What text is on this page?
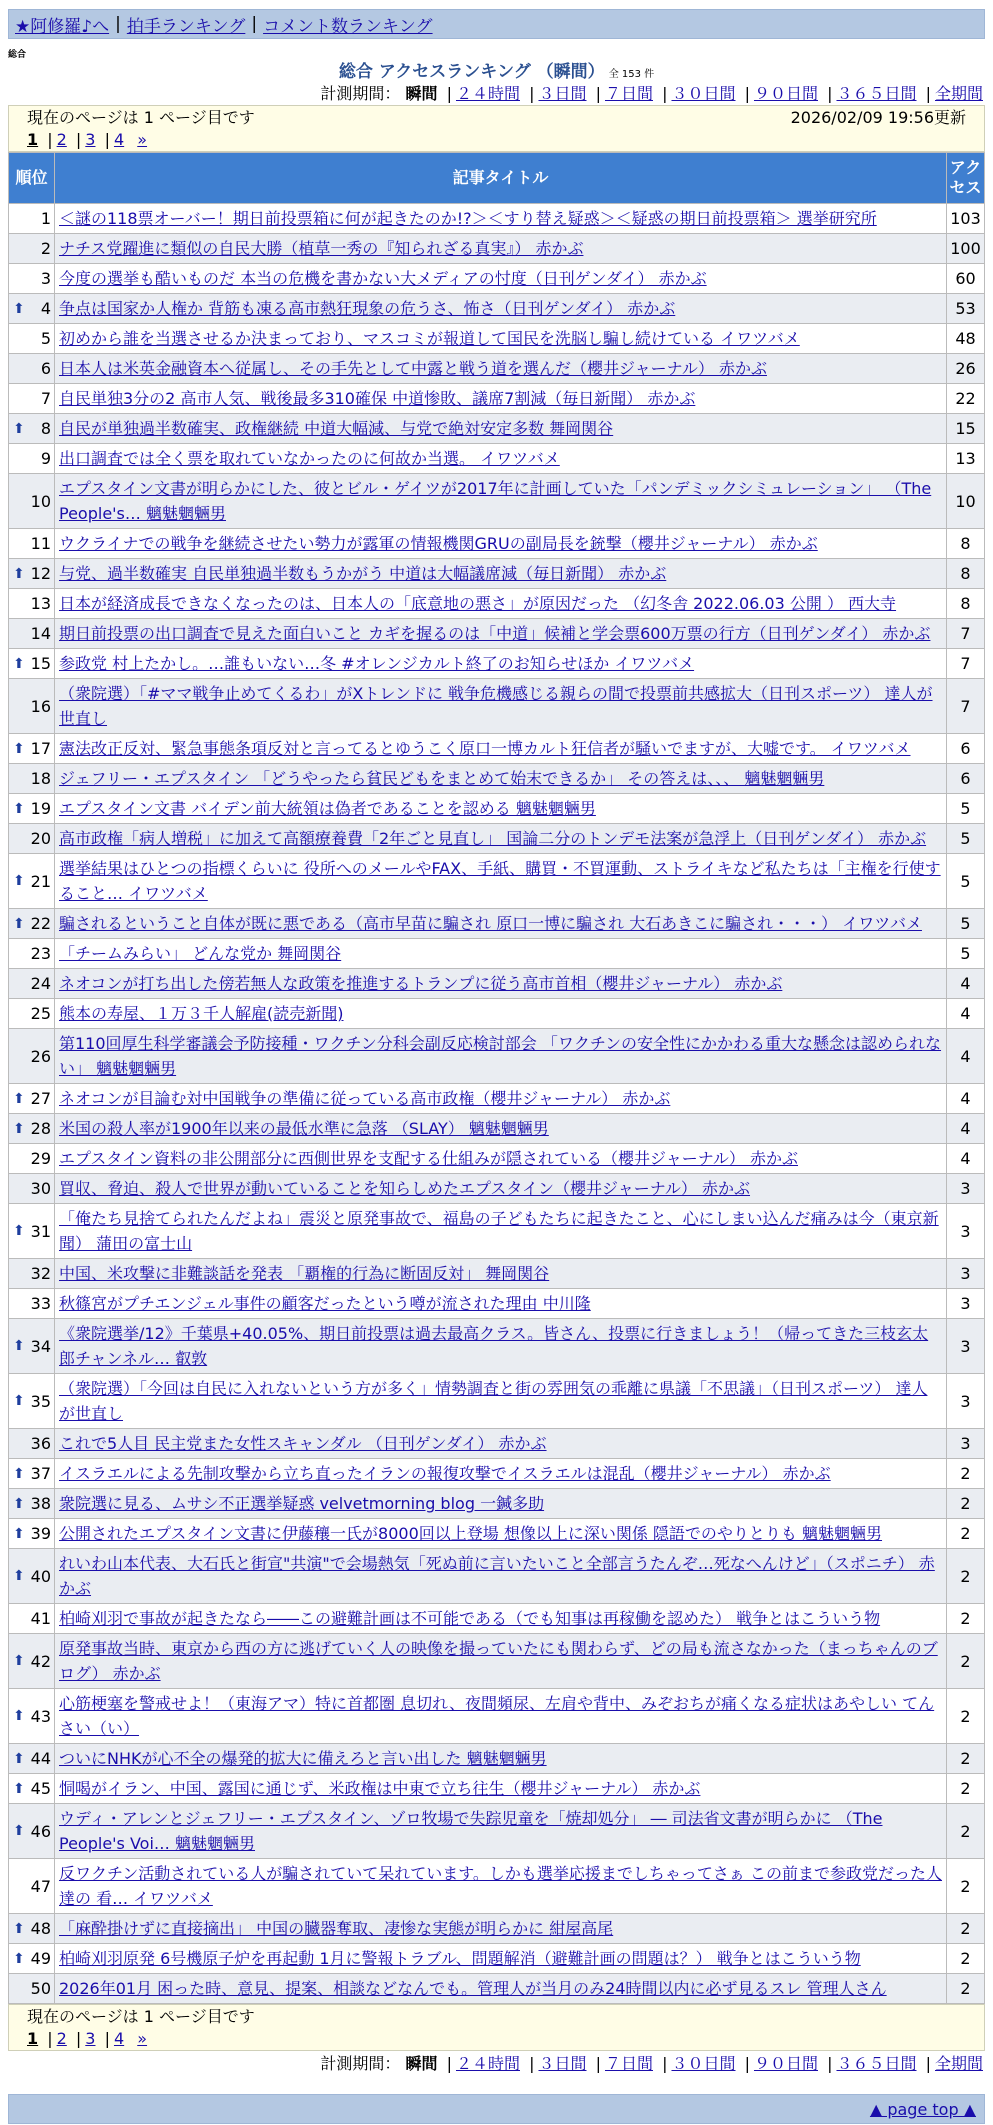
★阿修羅♪へ | 拍手ランキング | コメント数ランキング
総合
総合 アクセスランキング （瞬間） 全 153 件
計測期間： 瞬間 | ２４時間 | ３日間 | ７日間 | ３０日間 | ９０日間 | ３６５日間 | 全期間
現在のページは 1 ページ目です	2026/02/09 19:56更新
1 | 2 | 3 | 4 »
順位	記事タイトル	アクセス
1	＜謎の118票オーバー！期日前投票箱に何が起きたのか!?＞＜すり替え疑惑＞＜疑惑の期日前投票箱＞ 選挙研究所	103
2	ナチス党躍進に類似の自民大勝（植草一秀の『知られざる真実』） 赤かぶ	100
3	今度の選挙も酷いものだ 本当の危機を書かない大メディアの忖度（日刊ゲンダイ） 赤かぶ	60

⬆ 4	争点は国家か人権か 背筋も凍る高市熱狂現象の危うさ、怖さ（日刊ゲンダイ） 赤かぶ	53
5	初めから誰を当選させるか決まっており、マスコミが報道して国民を洗脳し騙し続けている イワツバメ	48
6	日本人は米英金融資本へ従属し、その手先として中露と戦う道を選んだ（櫻井ジャーナル） 赤かぶ	26
7	自民単独3分の2 高市人気、戦後最多310確保 中道惨敗、議席7割減（毎日新聞） 赤かぶ	22

⬆ 8	自民が単独過半数確実、政権継続 中道大幅減、与党で絶対安定多数 舞岡関谷	15
9	出口調査では全く票を取れていなかったのに何故か当選。 イワツバメ	13
10	エプスタイン文書が明らかにした、彼とビル・ゲイツが2017年に計画していた「パンデミックシミュレーション」 （The People's… 魑魅魍魎男	10
11	ウクライナでの戦争を継続させたい勢力が露軍の情報機関GRUの副局長を銃撃（櫻井ジャーナル） 赤かぶ	8

⬆ 12	与党、過半数確実 自民単独過半数もうかがう 中道は大幅議席減（毎日新聞） 赤かぶ	8
13	日本が経済成長できなくなったのは、日本人の「底意地の悪さ」が原因だった （幻冬舎 2022.06.03 公開 ） 西大寺	8
14	期日前投票の出口調査で見えた面白いこと カギを握るのは「中道」候補と学会票600万票の行方（日刊ゲンダイ） 赤かぶ	7

⬆ 15	参政党 村上たかし。…誰もいない…冬 #オレンジカルト終了のお知らせほか イワツバメ	7
16	（衆院選）「#ママ戦争止めてくるわ」がXトレンドに 戦争危機感じる親らの間で投票前共感拡大（日刊スポーツ） 達人が世直し	7

⬆ 17	憲法改正反対、緊急事態条項反対と言ってるとゆうこく原口一博カルト狂信者が騒いでますが、大嘘です。 イワツバメ	6
18	ジェフリー・エプスタイン 「どうやったら貧民どもをまとめて始末できるか」 その答えは、、、 魑魅魍魎男	6

⬆ 19	エプスタイン文書 バイデン前大統領は偽者であることを認める 魑魅魍魎男	5
20	高市政権「病人増税」に加えて高額療養費「2年ごと見直し」 国論二分のトンデモ法案が急浮上（日刊ゲンダイ） 赤かぶ	5

⬆ 21	選挙結果はひとつの指標くらいに 役所へのメールやFAX、手紙、購買・不買運動、ストライキなど私たちは「主権を行使すること… イワツバメ	5

⬆ 22	騙されるということ自体が既に悪である（高市早苗に騙され 原口一博に騙され 大石あきこに騙され・・・） イワツバメ	5
23	「チームみらい」 どんな党か 舞岡関谷	5
24	ネオコンが打ち出した傍若無人な政策を推進するトランプに従う高市首相（櫻井ジャーナル） 赤かぶ	4
25	熊本の寿屋、１万３千人解雇(読売新聞)	4
26	第110回厚生科学審議会予防接種・ワクチン分科会副反応検討部会 「ワクチンの安全性にかかわる重大な懸念は認められない」 魑魅魍魎男	4

⬆ 27	ネオコンが目論む対中国戦争の準備に従っている高市政権（櫻井ジャーナル） 赤かぶ	4

⬆ 28	米国の殺人率が1900年以来の最低水準に急落 （SLAY） 魑魅魍魎男	4
29	エプスタイン資料の非公開部分に西側世界を支配する仕組みが隠されている（櫻井ジャーナル） 赤かぶ	4
30	買収、脅迫、殺人で世界が動いていることを知らしめたエプスタイン（櫻井ジャーナル） 赤かぶ	3

⬆ 31	「俺たち見捨てられたんだよね」震災と原発事故で、福島の子どもたちに起きたこと、心にしまい込んだ痛みは今（東京新聞） 蒲田の富士山	3
32	中国、米攻撃に非難談話を発表 「覇権的行為に断固反対」 舞岡関谷	3
33	秋篠宮がプチエンジェル事件の顧客だったという噂が流された理由 中川隆	3

⬆ 34	《衆院選挙/12》千葉県+40.05%、期日前投票は過去最高クラス。皆さん、投票に行きましょう！（帰ってきた三枝玄太郎チャンネル… 叡敦	3

⬆ 35	（衆院選）「今回は自民に入れないという方が多く」情勢調査と街の雰囲気の乖離に県議「不思議」（日刊スポーツ） 達人が世直し	3
36	これで5人目 民主党また女性スキャンダル （日刊ゲンダイ） 赤かぶ	3

⬆ 37	イスラエルによる先制攻撃から立ち直ったイランの報復攻撃でイスラエルは混乱（櫻井ジャーナル） 赤かぶ	2

⬆ 38	衆院選に見る、ムサシ不正選挙疑惑 velvetmorning blog 一鍼多助	2

⬆ 39	公開されたエプスタイン文書に伊藤穰一氏が8000回以上登場 想像以上に深い関係 隠語でのやりとりも 魑魅魍魎男	2

⬆ 40	れいわ山本代表、大石氏と街宣"共演"で会場熱気「死ぬ前に言いたいこと全部言うたんぞ…死なへんけど」（スポニチ） 赤かぶ	2
41	柏崎刈羽で事故が起きたなら――この避難計画は不可能である（でも知事は再稼働を認めた） 戦争とはこういう物	2

⬆ 42	原発事故当時、東京から西の方に逃げていく人の映像を撮っていたにも関わらず、どの局も流さなかった（まっちゃんのブログ） 赤かぶ	2

⬆ 43	心筋梗塞を警戒せよ！（東海アマ）特に首都圏 息切れ、夜間頻尿、左肩や背中、みぞおちが痛くなる症状はあやしい てんさい（い）	2

⬆ 44	ついにNHKが心不全の爆発的拡大に備えろと言い出した 魑魅魍魎男	2

⬆ 45	恫喝がイラン、中国、露国に通じず、米政権は中東で立ち往生（櫻井ジャーナル） 赤かぶ	2

⬆ 46	ウディ・アレンとジェフリー・エプスタイン、ゾロ牧場で失踪児童を「焼却処分」 ― 司法省文書が明らかに （The People's Voi… 魑魅魍魎男	2
47	反ワクチン活動されている人が騙されていて呆れています。しかも選挙応援までしちゃってさぁ この前まで参政党だった人達の 看… イワツバメ	2

⬆ 48	「麻酔掛けずに直接摘出」 中国の臓器奪取、凄惨な実態が明らかに 紺屋高尾	2

⬆ 49	柏崎刈羽原発 6号機原子炉を再起動 1月に警報トラブル、問題解消（避難計画の問題は？） 戦争とはこういう物	2
50	2026年01月 困った時、意見、提案、相談などなんでも。管理人が当月のみ24時間以内に必ず見るスレ 管理人さん	2
現在のページは 1 ページ目です
1 | 2 | 3 | 4 »
計測期間： 瞬間 | ２４時間 | ３日間 | ７日間 | ３０日間 | ９０日間 | ３６５日間 | 全期間
▲ page top ▲
